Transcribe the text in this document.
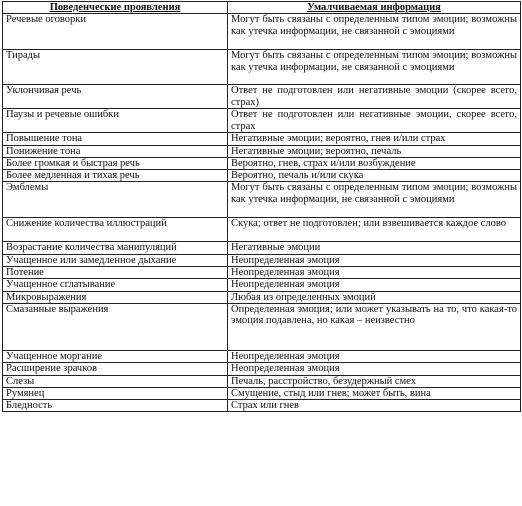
Поведенческие проявления	Умалчиваемая информация
Речевые оговорки	Могут быть связаны с определенным типом эмоции; возможны как утечка информации, не связанной с эмоциями
Тирады	Могут быть связаны с определенным типом эмоции; возможны как утечка информации, не связанной с эмоциями
Уклончивая речь	Ответ не подготовлен или негативные эмоции (скорее всего, страх)
Паузы и речевые ошибки	Ответ не подготовлен или негативные эмоции, скорее всего, страх
Повышение тона	Негативные эмоции; вероятно, гнев и/или страх
Понижение тона	Негативные эмоции; вероятно, печаль
Более громкая и быстрая речь	Вероятно, гнев, страх и/или возбуждение
Более медленная и тихая речь	Вероятно, печаль и/или скука
Эмблемы	Могут быть связаны с определенным типом эмоции; возможны как утечка информации, не связанной с эмоциями
Снижение количества иллюстраций	Скука; ответ не подготовлен; или взвешивается каждое слово
Возрастание количества манипуляций	Негативные эмоции
Учащенное или замедленное дыхание	Неопределенная эмоция
Потение	Неопределенная эмоция
Учащенное сглатывание	Неопределенная эмоция
Микровыражения	Любая из определенных эмоций
Смазанные выражения	Определенная эмоция; или может указывать на то, что какая-то эмоция подавлена, но какая – неизвестно
Учащенное моргание	Неопределенная эмоция
Расширение зрачков	Неопределенная эмоция
Слезы	Печаль, расстройство, безудержный смех
Румянец	Смущение, стыд или гнев; может быть, вина
Бледность	Страх или гнев
